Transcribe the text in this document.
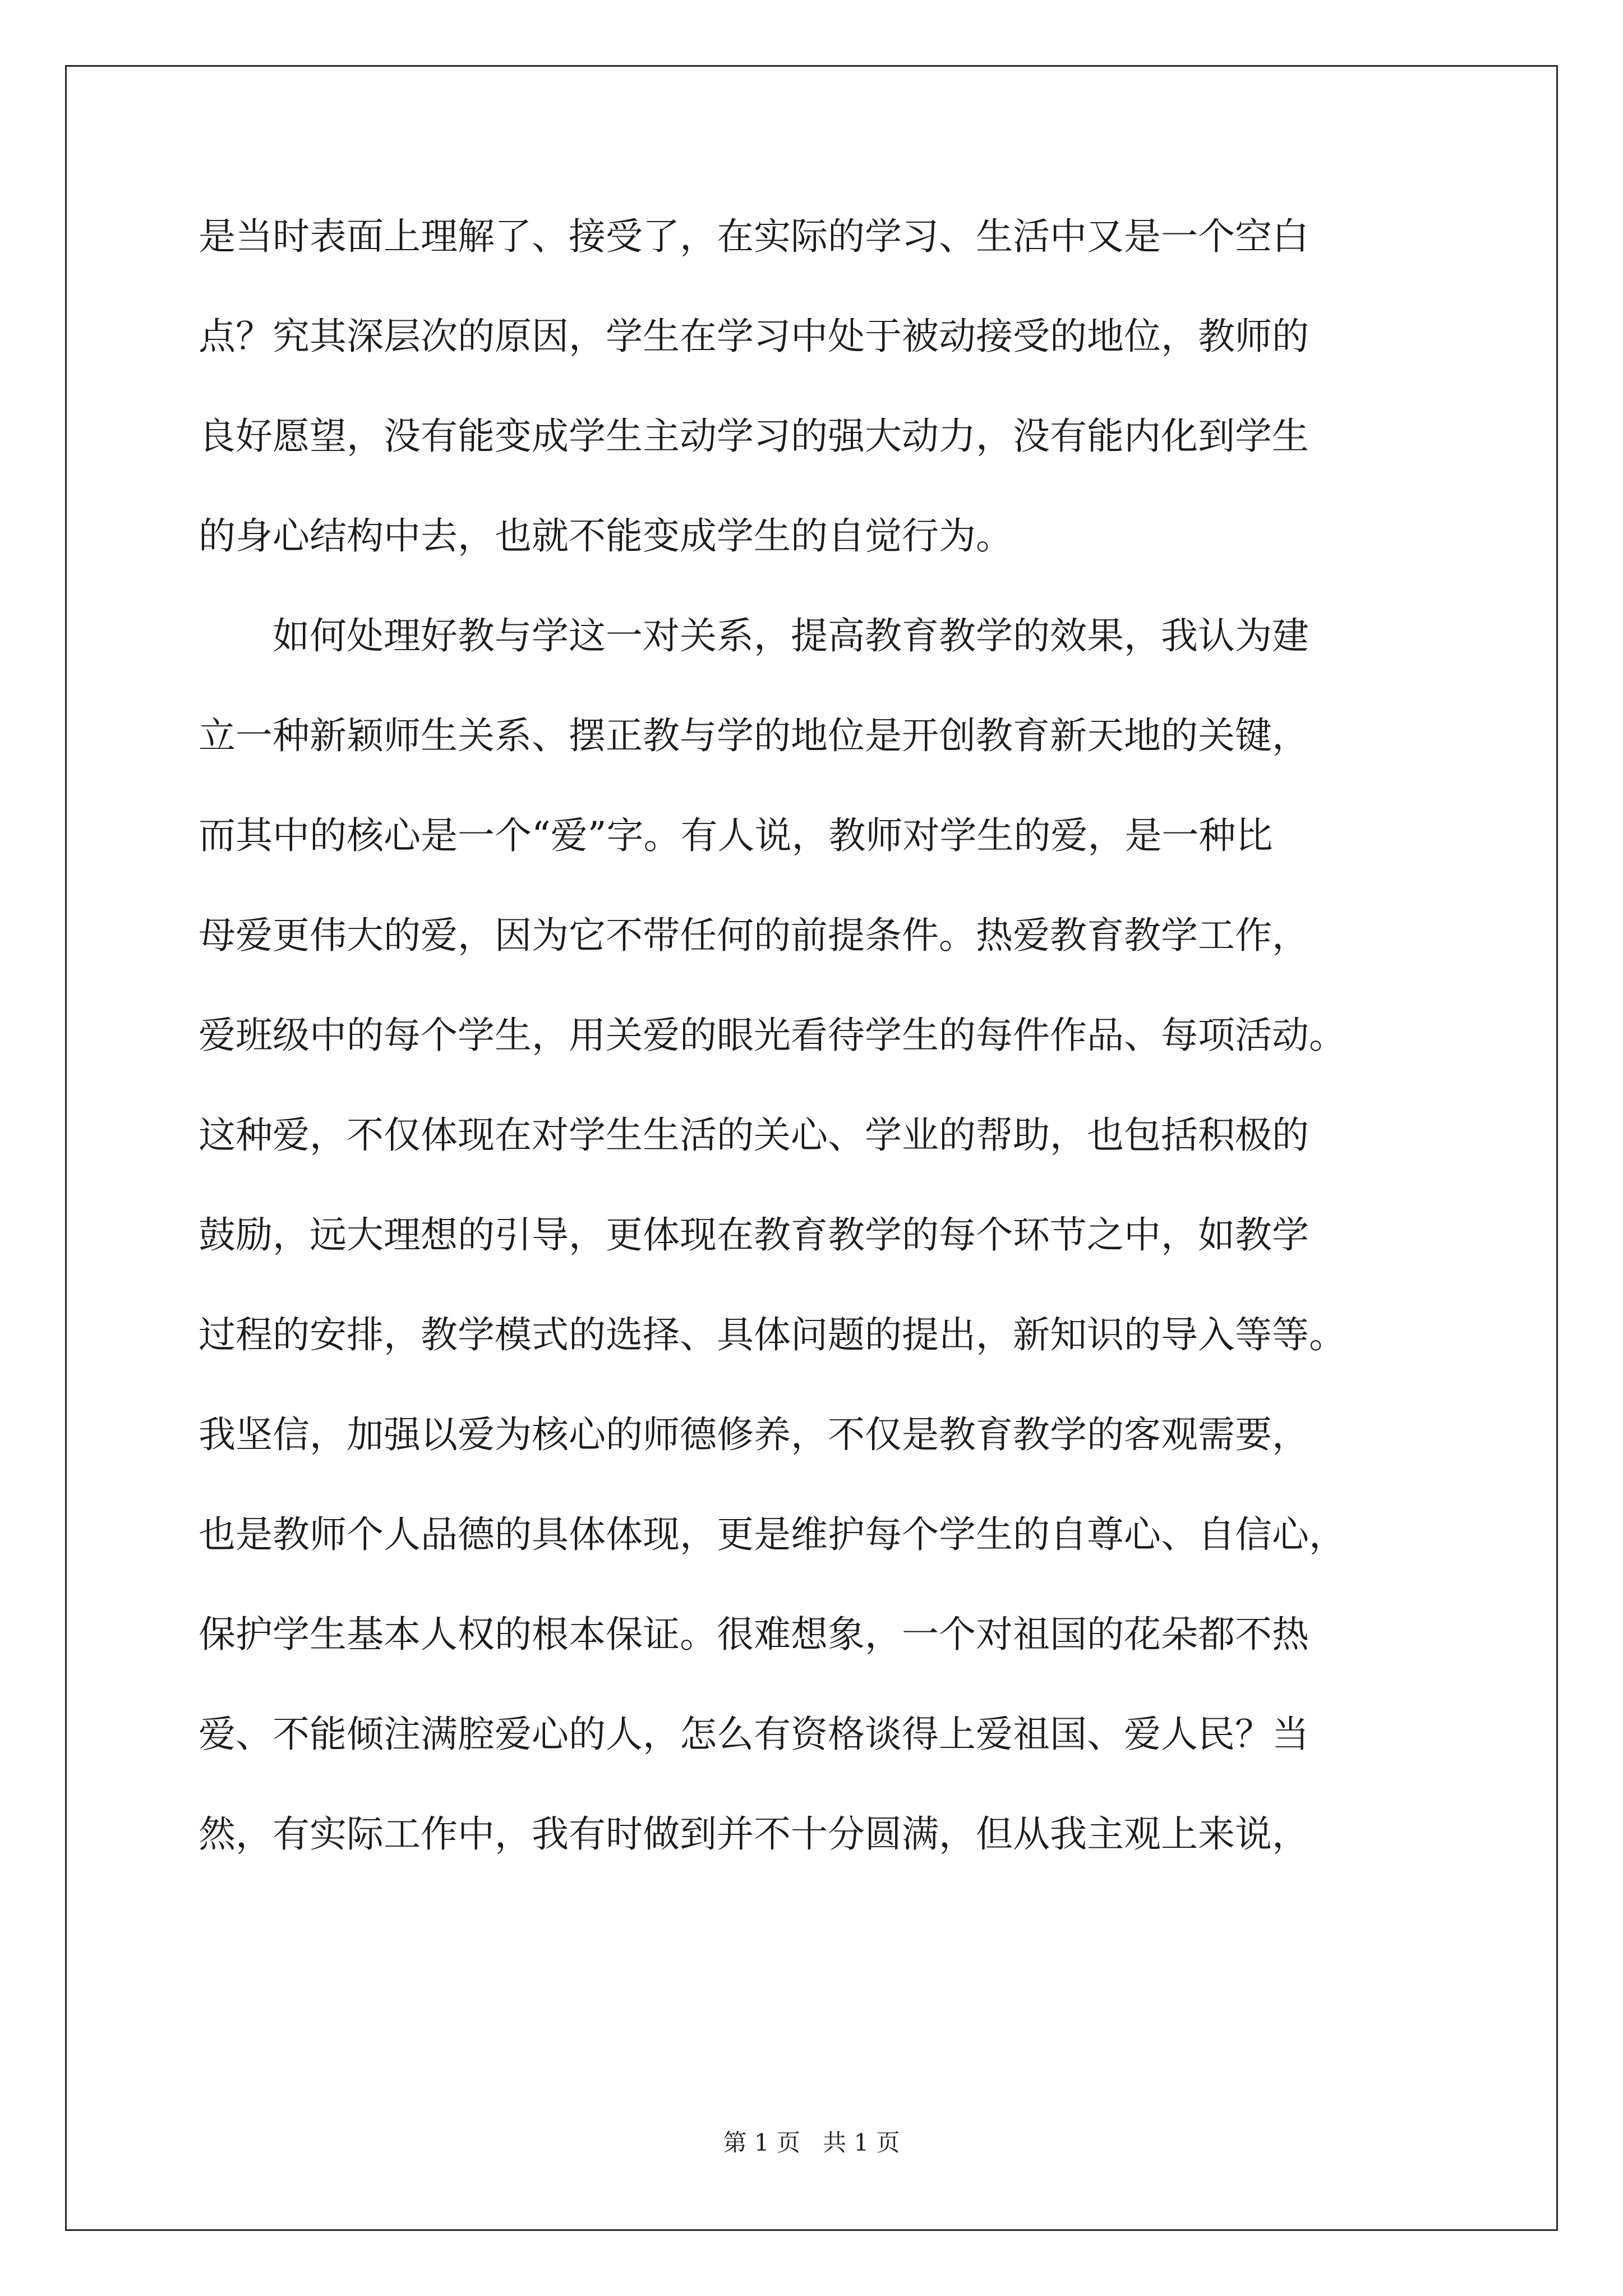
是当时表面上理解了、接受了，在实际的学习、生活中又是一个空白
点？究其深层次的原因，学生在学习中处于被动接受的地位，教师的
良好愿望，没有能变成学生主动学习的强大动力，没有能内化到学生
的身心结构中去，也就不能变成学生的自觉行为。
　　如何处理好教与学这一对关系，提高教育教学的效果，我认为建
立一种新颖师生关系、摆正教与学的地位是开创教育新天地的关键，
而其中的核心是一个“爱”字。有人说，教师对学生的爱，是一种比
母爱更伟大的爱，因为它不带任何的前提条件。热爱教育教学工作，
爱班级中的每个学生，用关爱的眼光看待学生的每件作品、每项活动。
这种爱，不仅体现在对学生生活的关心、学业的帮助，也包括积极的
鼓励，远大理想的引导，更体现在教育教学的每个环节之中，如教学
过程的安排，教学模式的选择、具体问题的提出，新知识的导入等等。
我坚信，加强以爱为核心的师德修养，不仅是教育教学的客观需要，
也是教师个人品德的具体体现，更是维护每个学生的自尊心、自信心，
保护学生基本人权的根本保证。很难想象，一个对祖国的花朵都不热
爱、不能倾注满腔爱心的人，怎么有资格谈得上爱祖国、爱人民？当
然，有实际工作中，我有时做到并不十分圆满，但从我主观上来说，
第 1 页   共 1 页
